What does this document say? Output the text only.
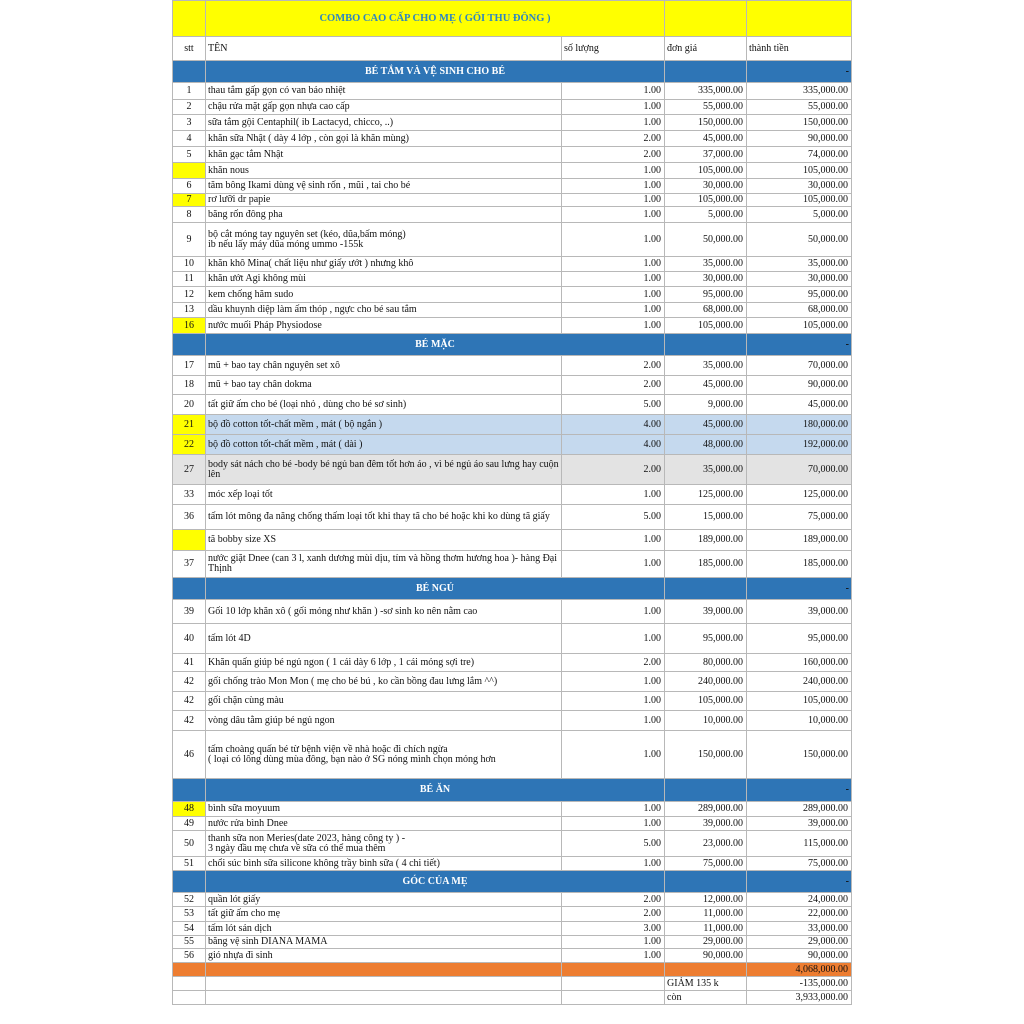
	COMBO CAO CẤP CHO MẸ ( GỐI THU ĐÔNG )			
stt	TÊN	số lượng	đơn giá	thành tiền
	BÉ TẮM VÀ VỆ SINH CHO BÉ			-
1	thau tắm gấp gọn có van bảo nhiệt	1.00	335,000.00	335,000.00
2	chậu rửa mặt gấp gọn nhựa cao cấp	1.00	55,000.00	55,000.00
3	sữa tắm gội Centaphil( ib Lactacyd, chicco, ..)	1.00	150,000.00	150,000.00
4	khăn sữa Nhật ( dày 4 lớp , còn gọi là khăn mùng)	2.00	45,000.00	90,000.00
5	khăn gạc tắm Nhật	2.00	37,000.00	74,000.00
	khăn nous	1.00	105,000.00	105,000.00
6	tăm bông Ikami dùng vệ sinh rốn , mũi , tai cho bé	1.00	30,000.00	30,000.00
7	rơ lưỡi dr papie	1.00	105,000.00	105,000.00
8	băng rốn đông pha	1.00	5,000.00	5,000.00
9	bộ cắt móng tay nguyên set (kéo, dũa,bấm móng)
ib nếu lấy máy dũa móng ummo -155k	1.00	50,000.00	50,000.00
10	khăn khô Mina( chất liệu như giấy ướt ) nhưng khô	1.00	35,000.00	35,000.00
11	khăn ướt Agi không mùi	1.00	30,000.00	30,000.00
12	kem chống hăm sudo	1.00	95,000.00	95,000.00
13	dầu khuynh diệp làm ấm thóp , ngực cho bé sau tắm	1.00	68,000.00	68,000.00
16	nước muối Pháp Physiodose	1.00	105,000.00	105,000.00
	BÉ MẶC			-
17	mũ + bao tay chân nguyên set xô	2.00	35,000.00	70,000.00
18	mũ + bao tay chân dokma	2.00	45,000.00	90,000.00
20	tất giữ ấm cho bé (loại nhỏ , dùng cho bé sơ sinh)	5.00	9,000.00	45,000.00
21	bộ đồ cotton tốt-chất mềm , mát ( bộ ngắn )	4.00	45,000.00	180,000.00
22	bộ đồ cotton tốt-chất mềm , mát ( dài )	4.00	48,000.00	192,000.00
27	body sát nách cho bé -body bé ngủ ban đêm tốt hơn áo , vì bé ngủ áo sau lưng hay cuộn lên	2.00	35,000.00	70,000.00
33	móc xếp loại tốt	1.00	125,000.00	125,000.00
36	tấm lót mông đa năng chống thấm loại tốt khi thay tã cho bé hoặc khi ko dùng tã giấy	5.00	15,000.00	75,000.00
	tã bobby size XS	1.00	189,000.00	189,000.00
37	nước giặt Dnee (can 3 l, xanh dương mùi dịu, tím và hồng thơm hương hoa )- hàng Đại Thịnh	1.00	185,000.00	185,000.00
	BÉ NGỦ			-
39	Gối 10 lớp khăn xô ( gối mỏng như khăn ) -sơ sinh ko nên nằm cao	1.00	39,000.00	39,000.00
40	tấm lót 4D	1.00	95,000.00	95,000.00
41	Khăn quấn giúp bé ngủ ngon ( 1 cái dày 6 lớp , 1 cái mỏng sợi tre)	2.00	80,000.00	160,000.00
42	gối chống trào Mon Mon ( mẹ cho bé bú , ko cần bồng đau lưng lắm ^^)	1.00	240,000.00	240,000.00
42	gối chặn cùng màu	1.00	105,000.00	105,000.00
42	vòng dâu tằm giúp bé ngủ ngon	1.00	10,000.00	10,000.00
46	tấm choàng quấn bé từ bệnh viện về nhà hoặc đi chích ngừa
( loại có lông dùng mùa đông, bạn nào ở SG nóng mình chọn mỏng hơn	1.00	150,000.00	150,000.00
	BÉ ĂN			-
48	bình sữa moyuum	1.00	289,000.00	289,000.00
49	nước rửa bình Dnee	1.00	39,000.00	39,000.00
50	thanh sữa non Meries(date 2023, hàng công ty ) -
3 ngày đầu mẹ chưa về sữa có thể mua thêm	5.00	23,000.00	115,000.00
51	chổi súc bình sữa silicone không trầy bình sữa ( 4 chi tiết)	1.00	75,000.00	75,000.00
	GÓC CỦA MẸ			-
52	quần lót giấy	2.00	12,000.00	24,000.00
53	tất giữ ấm cho mẹ	2.00	11,000.00	22,000.00
54	tấm lót sản dịch	3.00	11,000.00	33,000.00
55	băng vệ sinh DIANA MAMA	1.00	29,000.00	29,000.00
56	gió nhựa đi sinh	1.00	90,000.00	90,000.00
				4,068,000.00
			GIẢM 135 k	-135,000.00
			còn	3,933,000.00
